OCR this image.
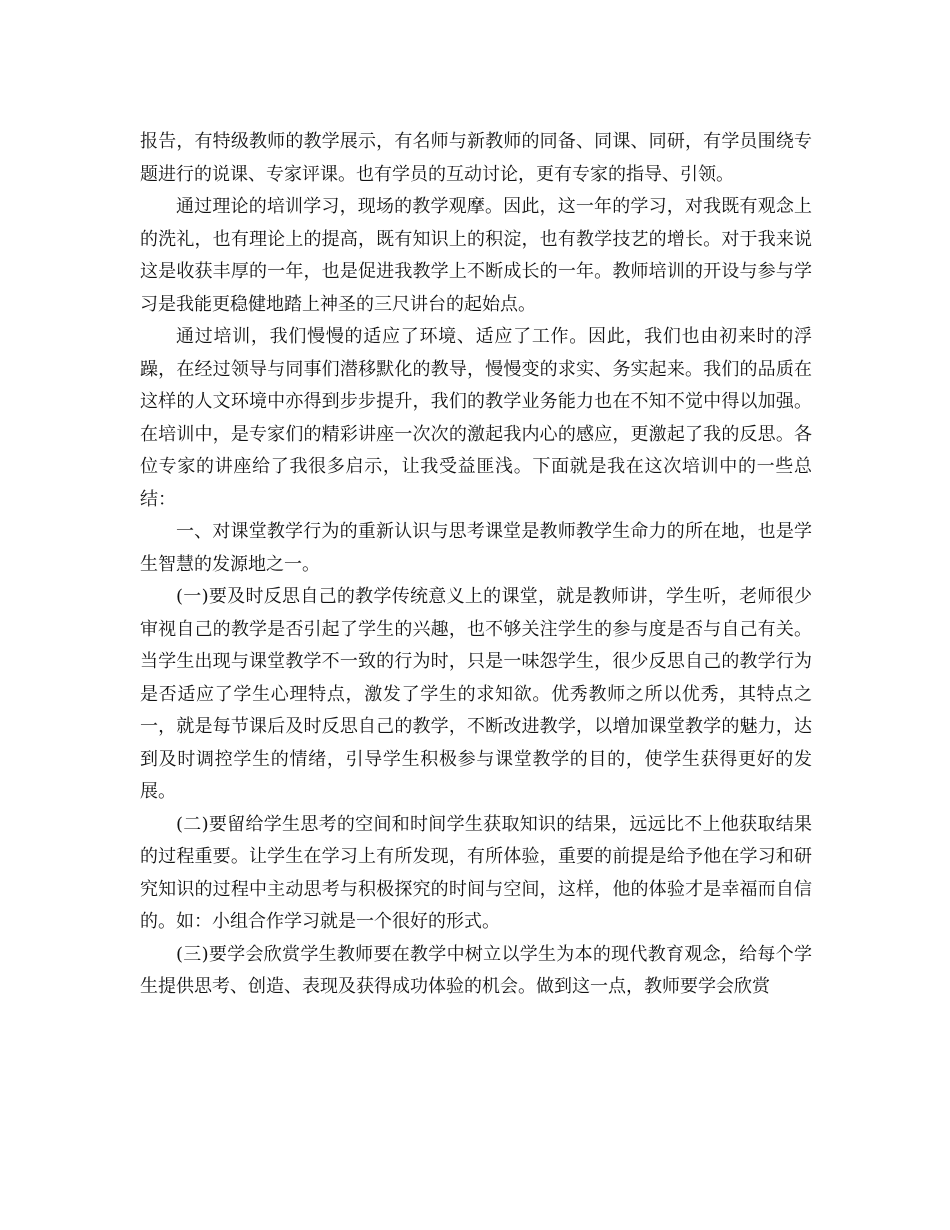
报告，有特级教师的教学展示，有名师与新教师的同备、同课、同研，有学员围绕专题进行的说课、专家评课。也有学员的互动讨论，更有专家的指导、引领。

通过理论的培训学习，现场的教学观摩。因此，这一年的学习，对我既有观念上的洗礼，也有理论上的提高，既有知识上的积淀，也有教学技艺的增长。对于我来说这是收获丰厚的一年，也是促进我教学上不断成长的一年。教师培训的开设与参与学习是我能更稳健地踏上神圣的三尺讲台的起始点。

通过培训，我们慢慢的适应了环境、适应了工作。因此，我们也由初来时的浮躁，在经过领导与同事们潜移默化的教导，慢慢变的求实、务实起来。我们的品质在这样的人文环境中亦得到步步提升，我们的教学业务能力也在不知不觉中得以加强。在培训中，是专家们的精彩讲座一次次的激起我内心的感应，更激起了我的反思。各位专家的讲座给了我很多启示，让我受益匪浅。下面就是我在这次培训中的一些总结：

一、对课堂教学行为的重新认识与思考课堂是教师教学生命力的所在地，也是学生智慧的发源地之一。

(一)要及时反思自己的教学传统意义上的课堂，就是教师讲，学生听，老师很少审视自己的教学是否引起了学生的兴趣，也不够关注学生的参与度是否与自己有关。当学生出现与课堂教学不一致的行为时，只是一味怨学生，很少反思自己的教学行为是否适应了学生心理特点，激发了学生的求知欲。优秀教师之所以优秀，其特点之一，就是每节课后及时反思自己的教学，不断改进教学，以增加课堂教学的魅力，达到及时调控学生的情绪，引导学生积极参与课堂教学的目的，使学生获得更好的发展。

(二)要留给学生思考的空间和时间学生获取知识的结果，远远比不上他获取结果的过程重要。让学生在学习上有所发现，有所体验，重要的前提是给予他在学习和研究知识的过程中主动思考与积极探究的时间与空间，这样，他的体验才是幸福而自信的。如：小组合作学习就是一个很好的形式。

(三)要学会欣赏学生教师要在教学中树立以学生为本的现代教育观念，给每个学生提供思考、创造、表现及获得成功体验的机会。做到这一点，教师要学会欣赏
